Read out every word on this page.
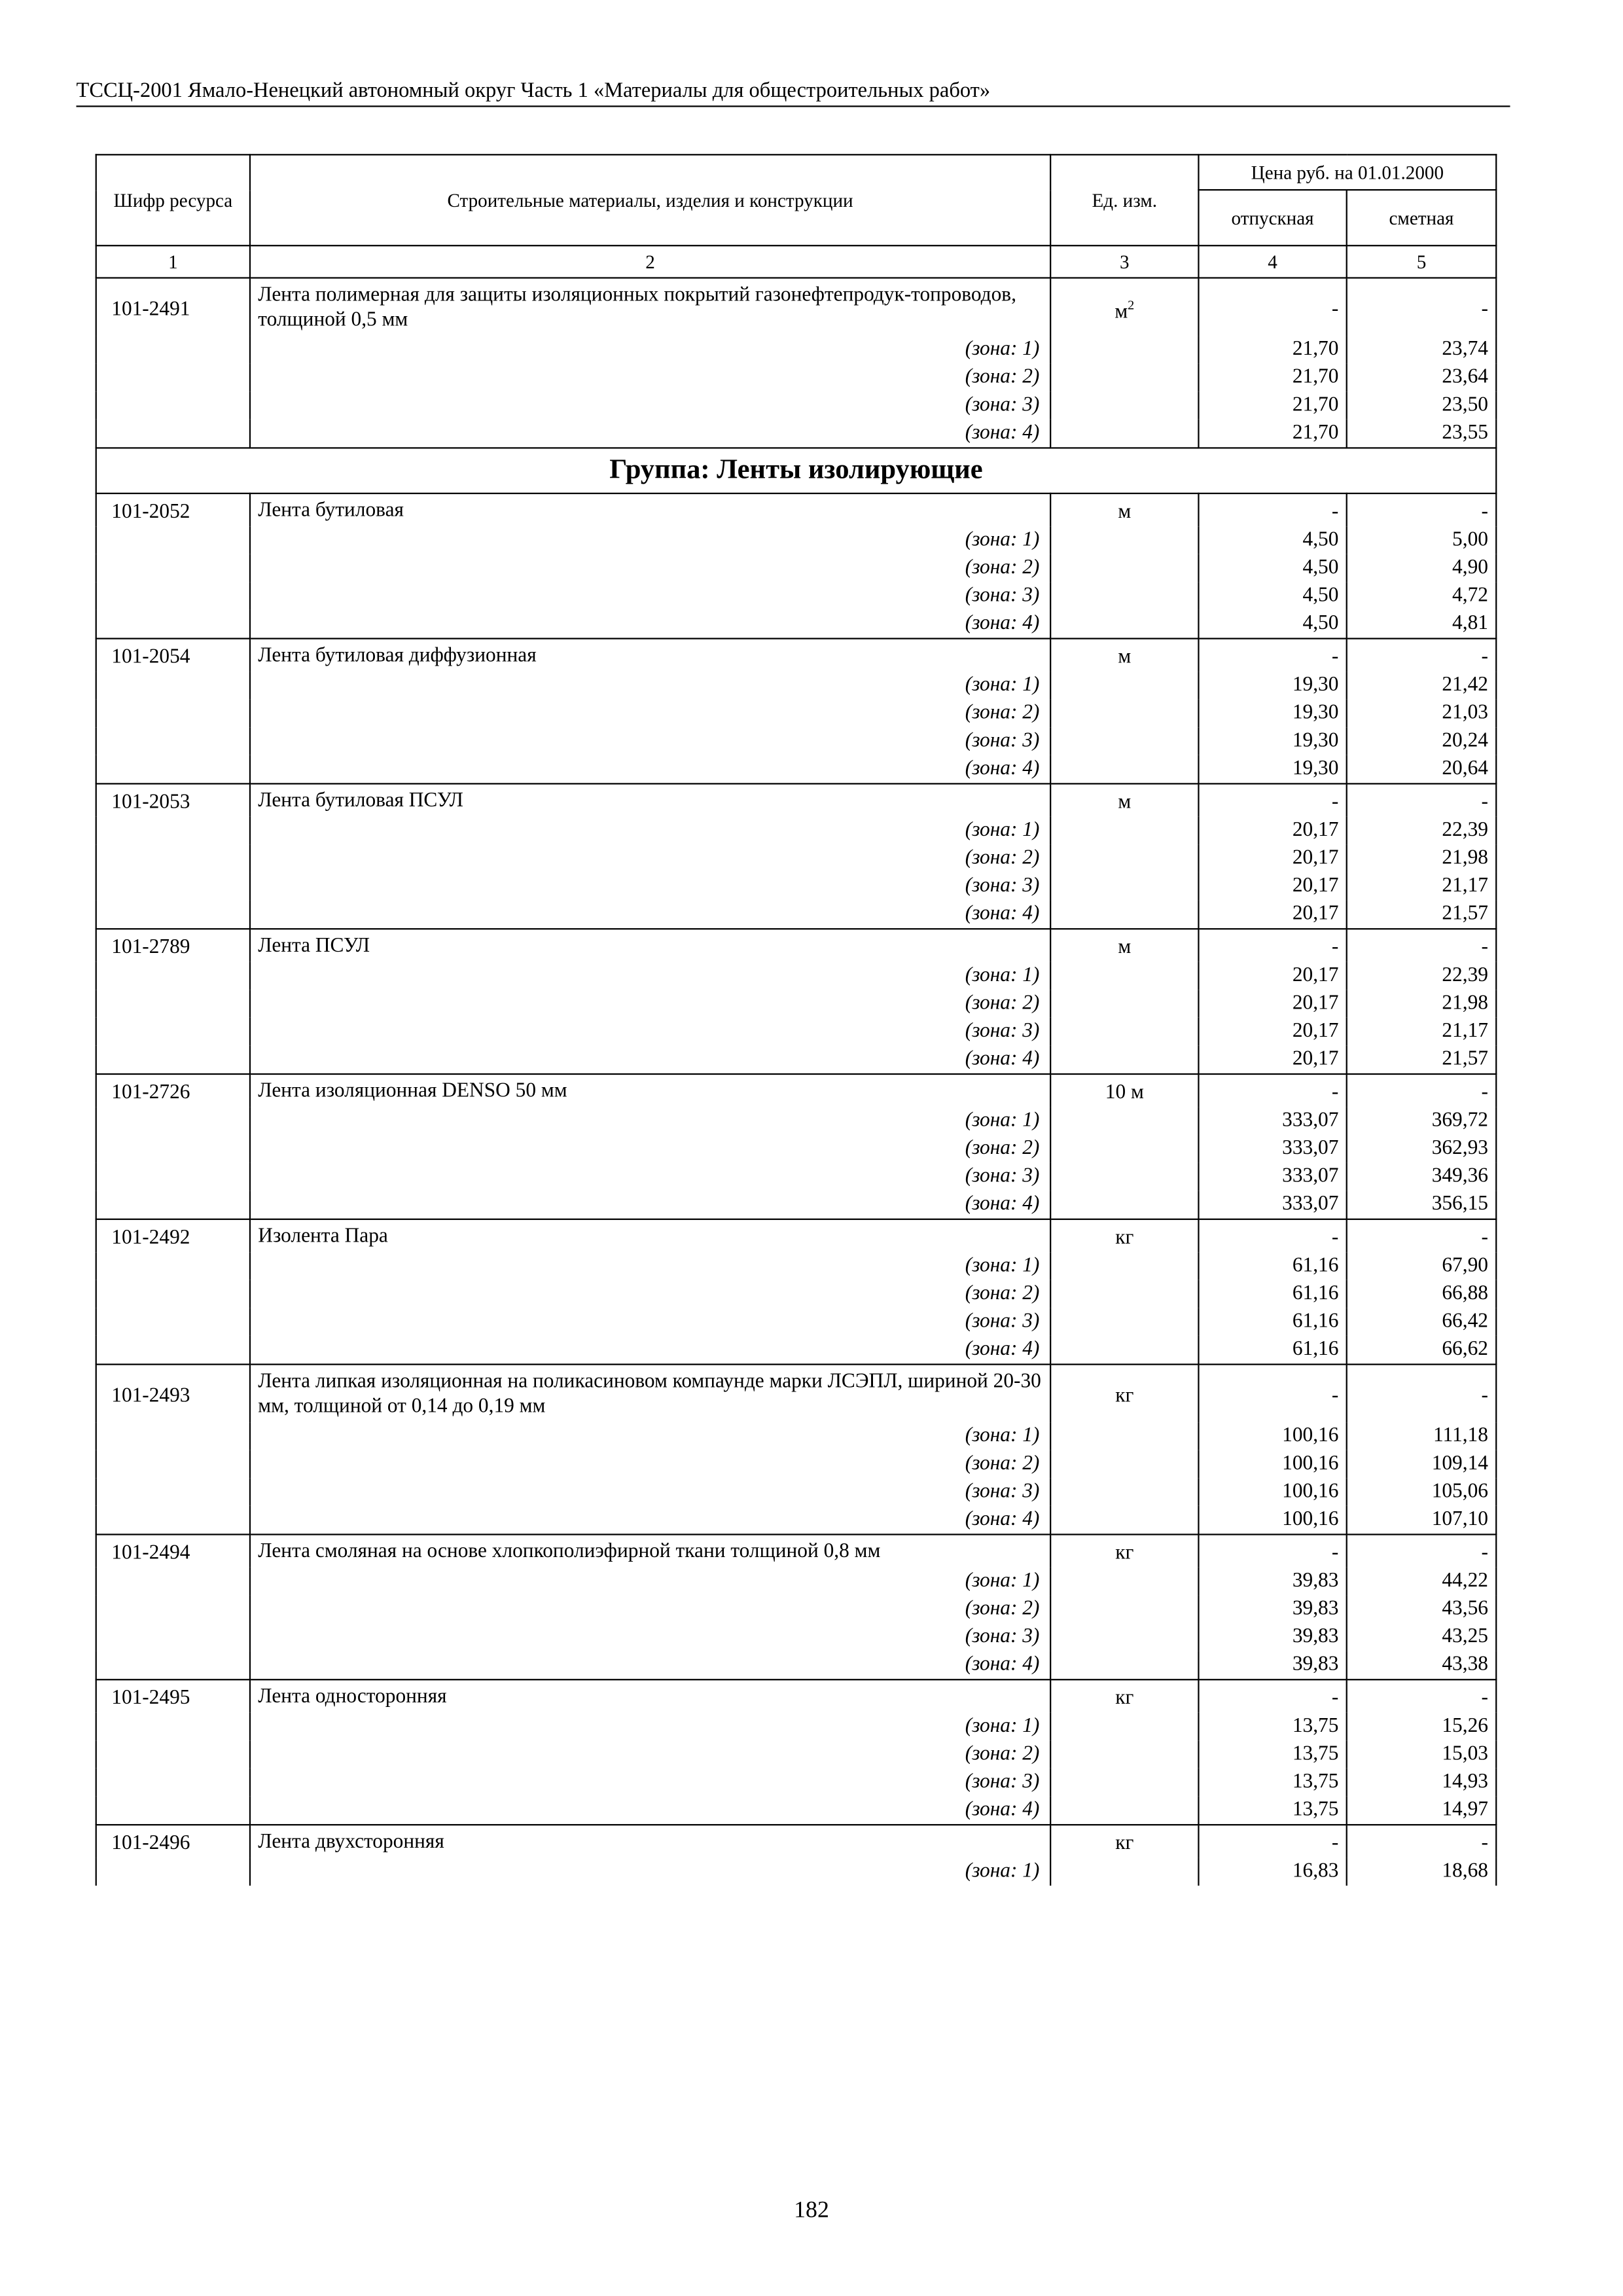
ТССЦ-2001 Ямало-Ненецкий автономный округ Часть 1 «Материалы для общестроительных работ»
Шифр ресурса	Строительные материалы, изделия и конструкции	Ед. изм.	Цена руб. на 01.01.2000	
			отпускная	сметная
1	2	3	4	5
101-2491	Лента полимерная для защиты изоляционных покрытий газонефтепродук-топроводов, толщиной 0,5 мм	$м^2$	-	-
	(зона: 1)		21,70	23,74
	(зона: 2)		21,70	23,64
	(зона: 3)		21,70	23,50
	(зона: 4)		21,70	23,55
Группа: Ленты изолирующие				
101-2052	Лента бутиловая	м	-	-
	(зона: 1)		4,50	5,00
	(зона: 2)		4,50	4,90
	(зона: 3)		4,50	4,72
	(зона: 4)		4,50	4,81
101-2054	Лента бутиловая диффузионная	м	-	-
	(зона: 1)		19,30	21,42
	(зона: 2)		19,30	21,03
	(зона: 3)		19,30	20,24
	(зона: 4)		19,30	20,64
101-2053	Лента бутиловая ПСУЛ	м	-	-
	(зона: 1)		20,17	22,39
	(зона: 2)		20,17	21,98
	(зона: 3)		20,17	21,17
	(зона: 4)		20,17	21,57
101-2789	Лента ПСУЛ	м	-	-
	(зона: 1)		20,17	22,39
	(зона: 2)		20,17	21,98
	(зона: 3)		20,17	21,17
	(зона: 4)		20,17	21,57
101-2726	Лента изоляционная DENSO 50 мм	10 м	-	-
	(зона: 1)		333,07	369,72
	(зона: 2)		333,07	362,93
	(зона: 3)		333,07	349,36
	(зона: 4)		333,07	356,15
101-2492	Изолента Пара	кг	-	-
	(зона: 1)		61,16	67,90
	(зона: 2)		61,16	66,88
	(зона: 3)		61,16	66,42
	(зона: 4)		61,16	66,62
101-2493	Лента липкая изоляционная на поликасиновом компаунде марки ЛСЭПЛ, шириной 20-30 мм, толщиной от 0,14 до 0,19 мм	кг	-	-
	(зона: 1)		100,16	111,18
	(зона: 2)		100,16	109,14
	(зона: 3)		100,16	105,06
	(зона: 4)		100,16	107,10
101-2494	Лента смоляная на основе хлопкополиэфирной ткани толщиной 0,8 мм	кг	-	-
	(зона: 1)		39,83	44,22
	(зона: 2)		39,83	43,56
	(зона: 3)		39,83	43,25
	(зона: 4)		39,83	43,38
101-2495	Лента односторонняя	кг	-	-
	(зона: 1)		13,75	15,26
	(зона: 2)		13,75	15,03
	(зона: 3)		13,75	14,93
	(зона: 4)		13,75	14,97
101-2496	Лента двухсторонняя	кг	-	-
	(зона: 1)		16,83	18,68
182
